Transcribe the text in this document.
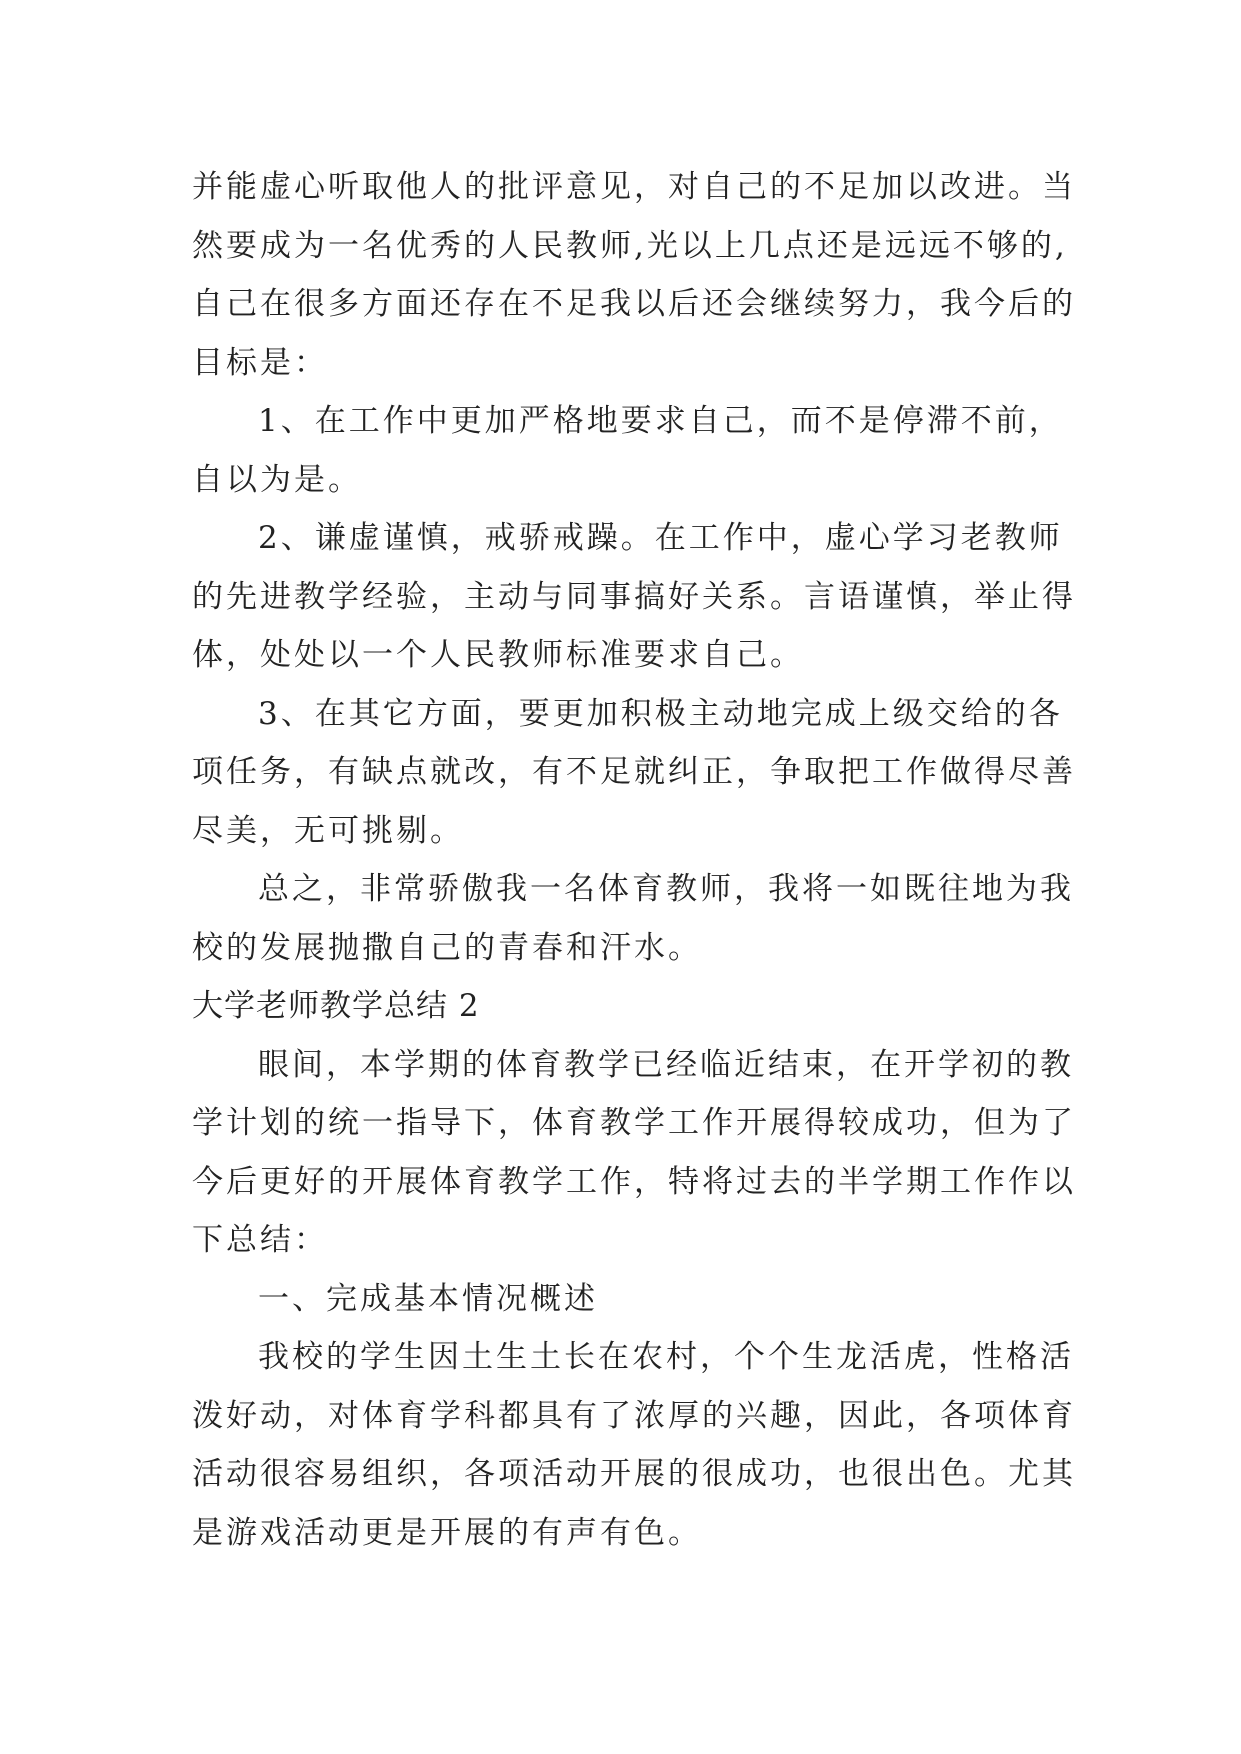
并能虚心听取他人的批评意见，对自己的不足加以改进。当
然要成为一名优秀的人民教师,光以上几点还是远远不够的,
自己在很多方面还存在不足我以后还会继续努力，我今后的
目标是：
1、在工作中更加严格地要求自己，而不是停滞不前，
自以为是。
2、谦虚谨慎，戒骄戒躁。在工作中，虚心学习老教师
的先进教学经验，主动与同事搞好关系。言语谨慎，举止得
体，处处以一个人民教师标准要求自己。
3、在其它方面，要更加积极主动地完成上级交给的各
项任务，有缺点就改，有不足就纠正，争取把工作做得尽善
尽美，无可挑剔。
总之，非常骄傲我一名体育教师，我将一如既往地为我
校的发展抛撒自己的青春和汗水。
大学老师教学总结 2
眼间，本学期的体育教学已经临近结束，在开学初的教
学计划的统一指导下，体育教学工作开展得较成功，但为了
今后更好的开展体育教学工作，特将过去的半学期工作作以
下总结：
一、完成基本情况概述
我校的学生因土生土长在农村，个个生龙活虎，性格活
泼好动，对体育学科都具有了浓厚的兴趣，因此，各项体育
活动很容易组织，各项活动开展的很成功，也很出色。尤其
是游戏活动更是开展的有声有色。
